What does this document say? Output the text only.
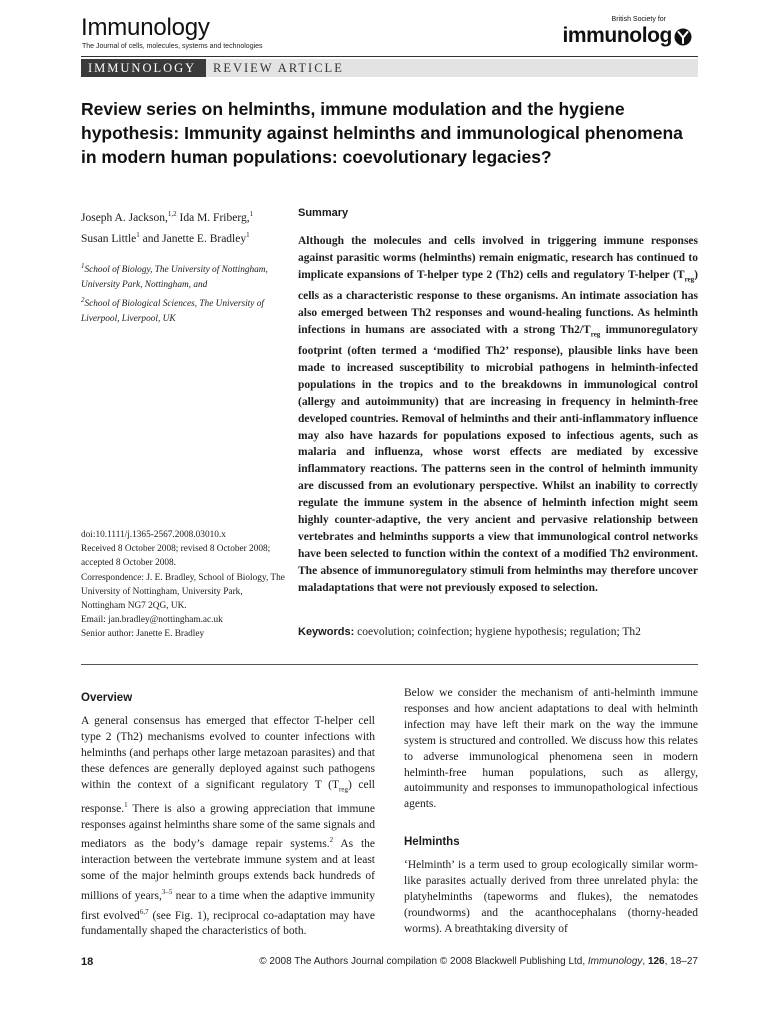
Immunology
The Journal of cells, molecules, systems and technologies
British Society for
immunolog
IMMUNOLOGY	REVIEW ARTICLE
Review series on helminths, immune modulation and the hygiene hypothesis: Immunity against helminths and immunological phenomena in modern human populations: coevolutionary legacies?
Joseph A. Jackson,$^{1,2}$ Ida M. Friberg,$^1$ Susan Little$^1$ and Janette E. Bradley$^1$
$^1$School of Biology, The University of Nottingham, University Park, Nottingham, and
$^2$School of Biological Sciences, The University of Liverpool, Liverpool, UK
doi:10.1111/j.1365-2567.2008.03010.x
Received 8 October 2008; revised 8 October 2008; accepted 8 October 2008.
Correspondence: J. E. Bradley, School of Biology, The University of Nottingham, University Park, Nottingham NG7 2QG, UK.
Email: jan.bradley@nottingham.ac.uk
Senior author: Janette E. Bradley
Summary
Although the molecules and cells involved in triggering immune responses against parasitic worms (helminths) remain enigmatic, research has continued to implicate expansions of T-helper type 2 (Th2) cells and regulatory T-helper $(T_{reg})$ cells as a characteristic response to these organisms. An intimate association has also emerged between Th2 responses and wound-healing functions. As helminth infections in humans are associated with a strong $Th2/T_{reg}$ immunoregulatory footprint (often termed a ‘modified Th2’ response), plausible links have been made to increased susceptibility to microbial pathogens in helminth-infected populations in the tropics and to the breakdowns in immunological control (allergy and autoimmunity) that are increasing in frequency in helminth-free developed countries. Removal of helminths and their anti-inflammatory influence may also have hazards for populations exposed to infectious agents, such as malaria and influenza, whose worst effects are mediated by excessive inflammatory reactions. The patterns seen in the control of helminth immunity are discussed from an evolutionary perspective. Whilst an inability to correctly regulate the immune system in the absence of helminth infection might seem highly counter-adaptive, the very ancient and pervasive relationship between vertebrates and helminths supports a view that immunological control networks have been selected to function within the context of a modified Th2 environment. The absence of immunoregulatory stimuli from helminths may therefore uncover maladaptations that were not previously exposed to selection.
Keywords: coevolution; coinfection; hygiene hypothesis; regulation; Th2
Overview

A general consensus has emerged that effector T-helper cell type 2 (Th2) mechanisms evolved to counter infections with helminths (and perhaps other large metazoan parasites) and that these defences are generally deployed against such pathogens within the context of a significant regulatory T $(T_{reg})$ cell response.$^1$ There is also a growing appreciation that immune responses against helminths share some of the same signals and mediators as the body’s damage repair systems.$^2$ As the interaction between the vertebrate immune system and at least some of the major helminth groups extends back hundreds of millions of years,$^{3-5}$ near to a time when the adaptive immunity first evolved$^{6,7}$ (see Fig. 1), reciprocal co-adaptation may have fundamentally shaped the characteristics of both.

Below we consider the mechanism of anti-helminth immune responses and how ancient adaptations to deal with helminth infection may have left their mark on the way the immune system is structured and controlled. We discuss how this relates to adverse immunological phenomena seen in modern helminth-free human populations, such as allergy, autoimmunity and responses to immunopathological infectious agents.

Helminths

‘Helminth’ is a term used to group ecologically similar worm-like parasites actually derived from three unrelated phyla: the platyhelminths (tapeworms and flukes), the nematodes (roundworms) and the acanthocephalans (thorny-headed worms). A breathtaking diversity of

18	© 2008 The Authors Journal compilation © 2008 Blackwell Publishing Ltd, Immunology, 126, 18–27
